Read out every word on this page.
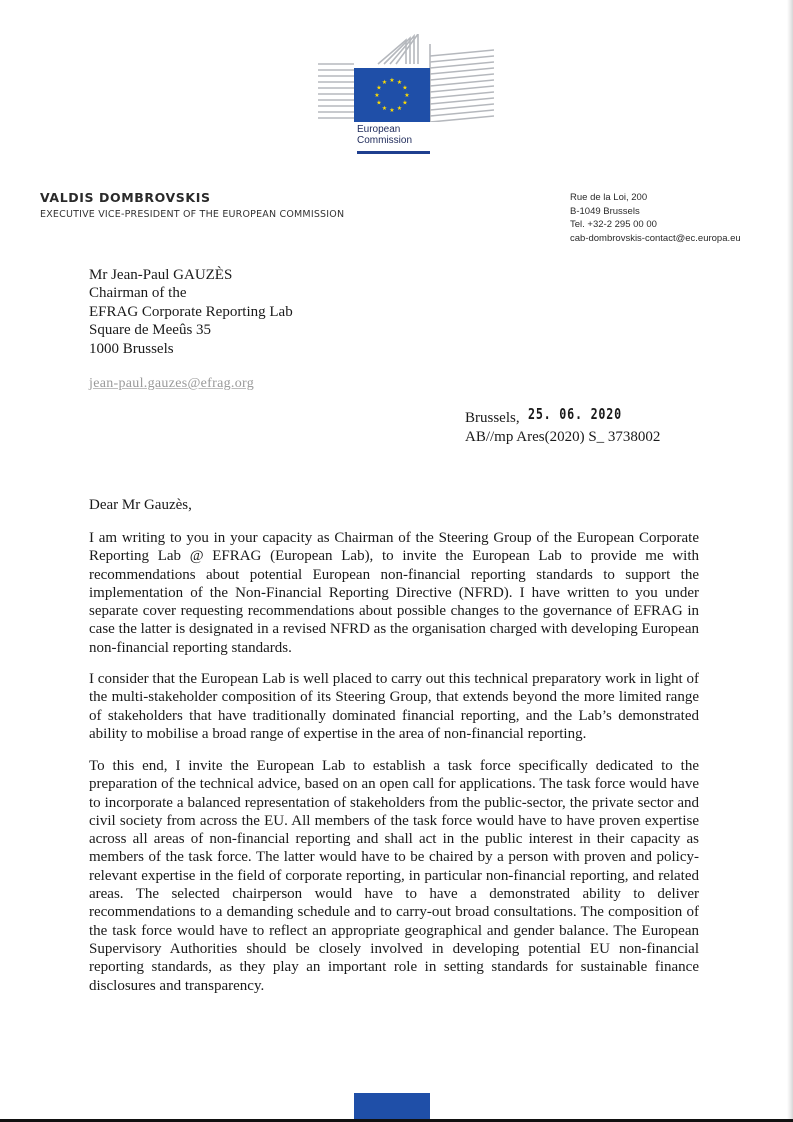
★ ★
★
★
★
★
★
★
★
★
★
★
European
Commission
VALDIS DOMBROVSKIS
EXECUTIVE VICE-PRESIDENT OF THE EUROPEAN COMMISSION
Rue de la Loi, 200
B-1049 Brussels
Tel. +32-2 295 00 00
cab-dombrovskis-contact@ec.europa.eu
Mr Jean-Paul GAUZÈS
Chairman of the
EFRAG Corporate Reporting Lab
Square de Meeûs 35
1000 Brussels
jean-paul.gauzes@efrag.org
Brussels, 25. 06. 2020
AB//mp Ares(2020) S_ 3738002
Dear Mr Gauzès,
I am writing to you in your capacity as Chairman of the Steering Group of the European Corporate Reporting Lab @ EFRAG (European Lab), to invite the European Lab to provide me with recommendations about potential European non-financial reporting standards to support the implementation of the Non-Financial Reporting Directive (NFRD). I have written to you under separate cover requesting recommendations about possible changes to the governance of EFRAG in case the latter is designated in a revised NFRD as the organisation charged with developing European non-financial reporting standards.
I consider that the European Lab is well placed to carry out this technical preparatory work in light of the multi-stakeholder composition of its Steering Group, that extends beyond the more limited range of stakeholders that have traditionally dominated financial reporting, and the Lab’s demonstrated ability to mobilise a broad range of expertise in the area of non-financial reporting.
To this end, I invite the European Lab to establish a task force specifically dedicated to the preparation of the technical advice, based on an open call for applications. The task force would have to incorporate a balanced representation of stakeholders from the public-sector, the private sector and civil society from across the EU. All members of the task force would have to have proven expertise across all areas of non-financial reporting and shall act in the public interest in their capacity as members of the task force. The latter would have to be chaired by a person with proven and policy-relevant expertise in the field of corporate reporting, in particular non-financial reporting, and related areas. The selected chairperson would have to have a demonstrated ability to deliver recommendations to a demanding schedule and to carry-out broad consultations. The composition of the task force would have to reflect an appropriate geographical and gender balance. The European Supervisory Authorities should be closely involved in developing potential EU non-financial reporting standards, as they play an important role in setting standards for sustainable finance disclosures and transparency.
